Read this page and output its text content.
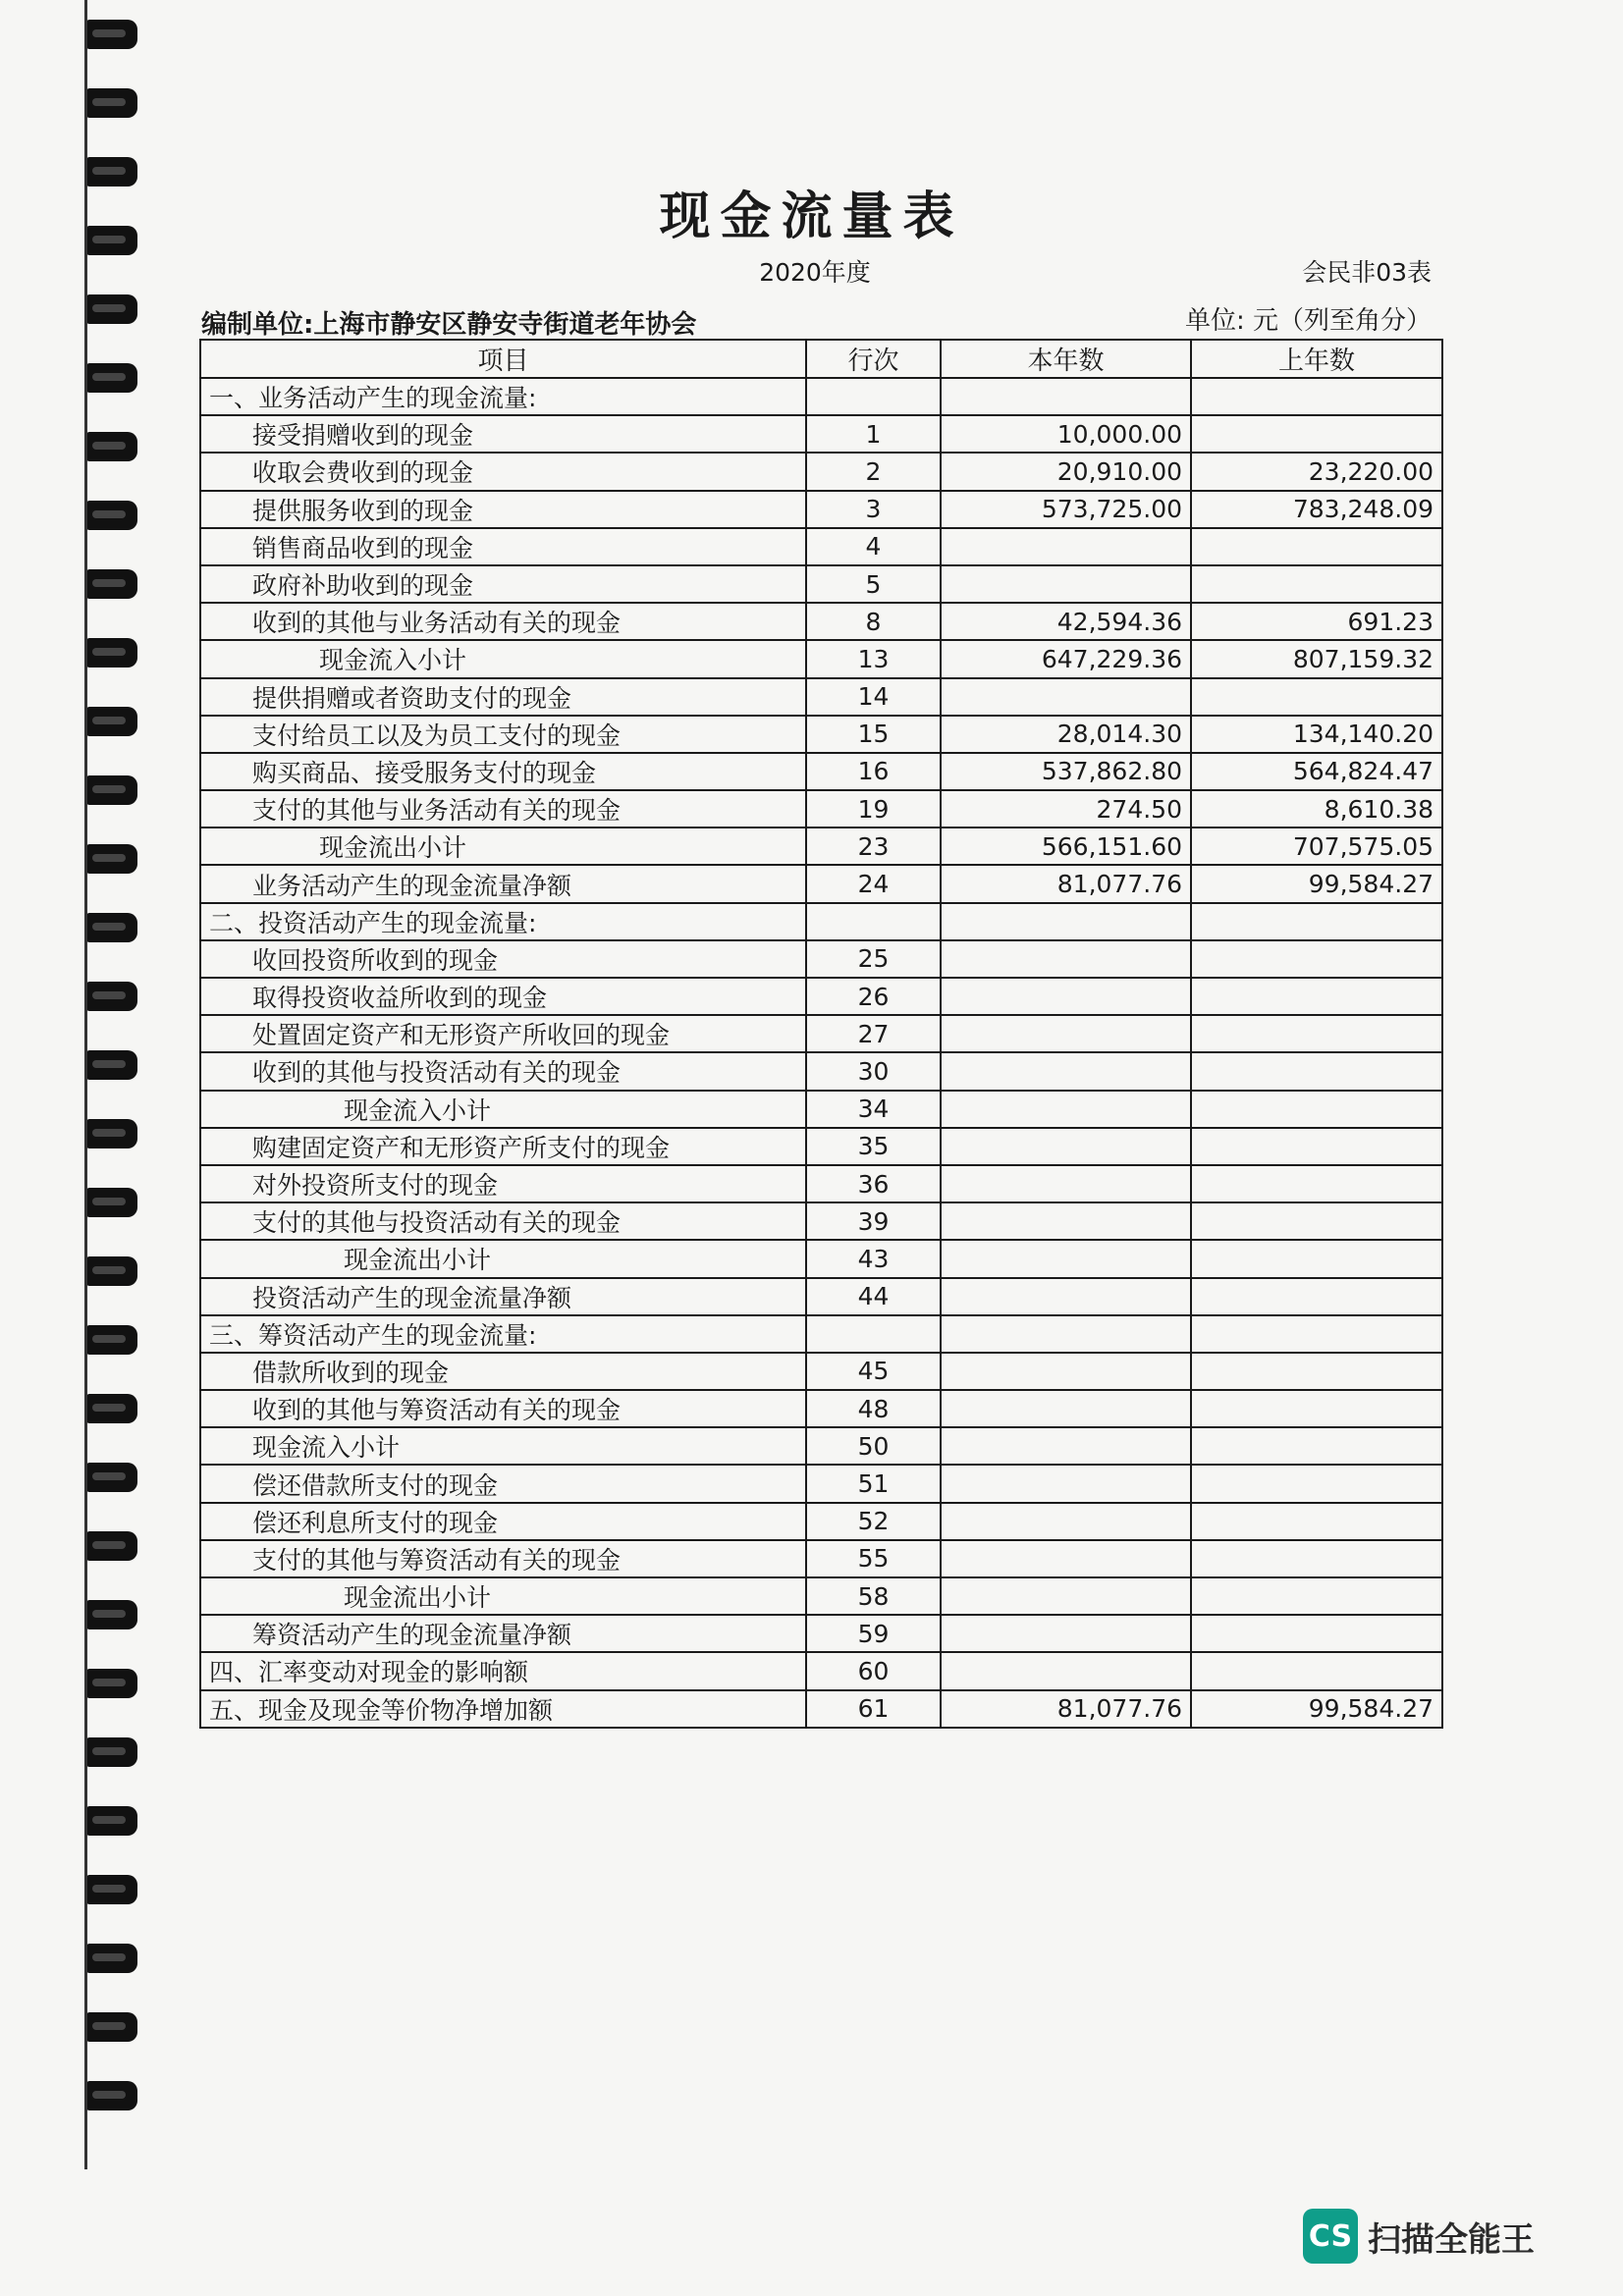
现金流量表
2020年度	会民非03表
编制单位:上海市静安区静安寺街道老年协会	单位: 元（列至角分）
项目	行次	本年数	上年数
一、业务活动产生的现金流量:			
接受捐赠收到的现金	1	10,000.00	
收取会费收到的现金	2	20,910.00	23,220.00
提供服务收到的现金	3	573,725.00	783,248.09
销售商品收到的现金	4		
政府补助收到的现金	5		
收到的其他与业务活动有关的现金	8	42,594.36	691.23
现金流入小计	13	647,229.36	807,159.32
提供捐赠或者资助支付的现金	14		
支付给员工以及为员工支付的现金	15	28,014.30	134,140.20
购买商品、接受服务支付的现金	16	537,862.80	564,824.47
支付的其他与业务活动有关的现金	19	274.50	8,610.38
现金流出小计	23	566,151.60	707,575.05
业务活动产生的现金流量净额	24	81,077.76	99,584.27
二、投资活动产生的现金流量:			
收回投资所收到的现金	25		
取得投资收益所收到的现金	26		
处置固定资产和无形资产所收回的现金	27		
收到的其他与投资活动有关的现金	30		
现金流入小计	34		
购建固定资产和无形资产所支付的现金	35		
对外投资所支付的现金	36		
支付的其他与投资活动有关的现金	39		
现金流出小计	43		
投资活动产生的现金流量净额	44		
三、筹资活动产生的现金流量:			
借款所收到的现金	45		
收到的其他与筹资活动有关的现金	48		
现金流入小计	50		
偿还借款所支付的现金	51		
偿还利息所支付的现金	52		
支付的其他与筹资活动有关的现金	55		
现金流出小计	58		
筹资活动产生的现金流量净额	59		
四、汇率变动对现金的影响额	60		
五、现金及现金等价物净增加额	61	81,077.76	99,584.27
CS 扫描全能王
